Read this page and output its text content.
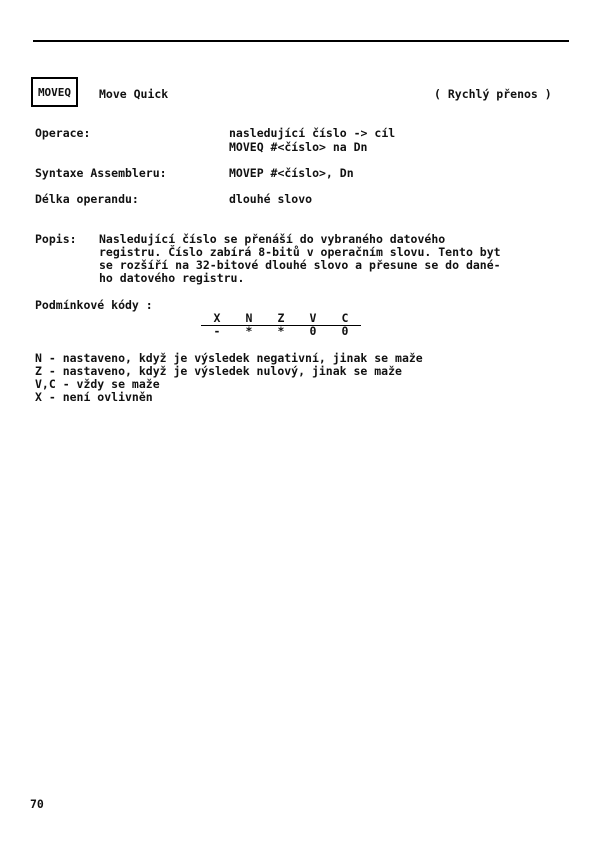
MOVEQ Move Quick	( Rychlý přenos )
Operace:	nasledující číslo -> cíl
MOVEQ #<číslo> na Dn
Syntaxe Assembleru:	MOVEP #<číslo>, Dn
Délka operandu:	dlouhé slovo
Popis: Nasledující číslo se přenáší do vybraného datového
registru. Číslo zabírá 8-bitů v operačním slovu. Tento byt
se rozšíří na 32-bitové dlouhé slovo a přesune se do dané-
ho datového registru.
Podmínkové kódy :
X N Z V C
- * * 0 0
N - nastaveno, když je výsledek negativní, jinak se maže
Z - nastaveno, když je výsledek nulový, jinak se maže
V,C - vždy se maže
X - není ovlivněn
70
